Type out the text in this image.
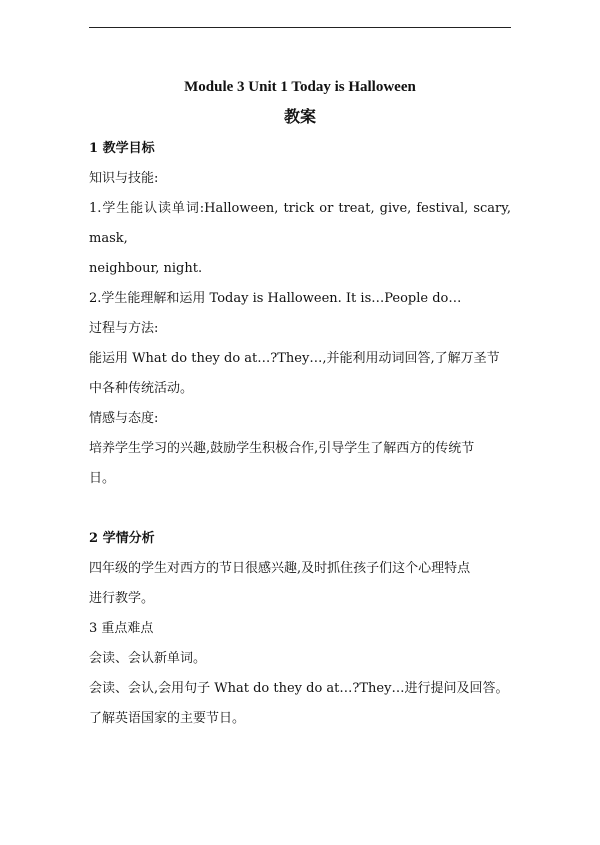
Module 3 Unit 1 Today is Halloween

教案

1 教学目标

知识与技能:

1.学生能认读单词:Halloween, trick or treat, give, festival, scary, mask,

neighbour, night.

2.学生能理解和运用 Today is Halloween. It is…People do…

过程与方法:

能运用 What do they do at…?They…,并能利用动词回答,了解万圣节

中各种传统活动。

情感与态度:

培养学生学习的兴趣,鼓励学生积极合作,引导学生了解西方的传统节

日。

2 学情分析

四年级的学生对西方的节日很感兴趣,及时抓住孩子们这个心理特点

进行教学。

3 重点难点

会读、会认新单词。

会读、会认,会用句子 What do they do at…?They…进行提问及回答。

了解英语国家的主要节日。
